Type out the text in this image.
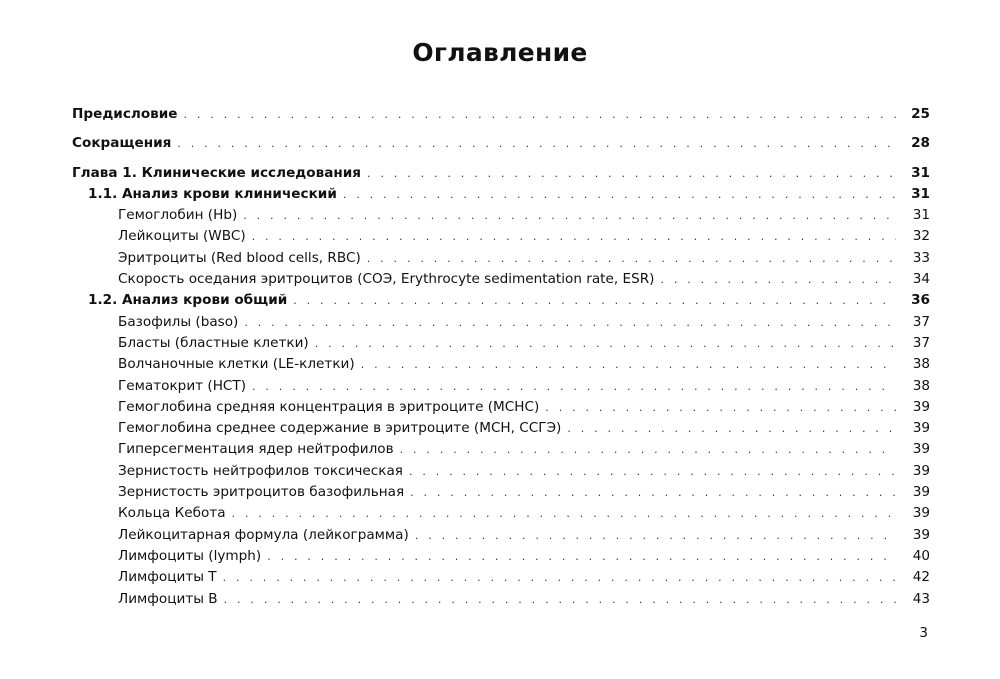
Оглавление
Предисловие . . .	25
Сокращения . . .	28
Глава 1. Клинические исследования . . .	31
1.1. Анализ крови клинический . . .	31
Гемоглобин (Hb) . . .	31
Лейкоциты (WBC) . . .	32
Эритроциты (Red blood cells, RBC) . . .	33
Скорость оседания эритроцитов (СОЭ, Erythrocyte sedimentation rate, ESR) . . .	34
1.2. Анализ крови общий . . .	36
Базофилы (baso) . . .	37
Бласты (бластные клетки) . . .	37
Волчаночные клетки (LE-клетки) . . .	38
Гематокрит (HCT) . . .	38
Гемоглобина средняя концентрация в эритроците (MCHC) . . .	39
Гемоглобина среднее содержание в эритроците (MCH, ССГЭ) . . .	39
Гиперсегментация ядер нейтрофилов . . .	39
Зернистость нейтрофилов токсическая . . .	39
Зернистость эритроцитов базофильная . . .	39
Кольца Кебота . . .	39
Лейкоцитарная формула (лейкограмма) . . .	39
Лимфоциты (lymph) . . .	40
Лимфоциты T . . .	42
Лимфоциты B . . .	43
3
